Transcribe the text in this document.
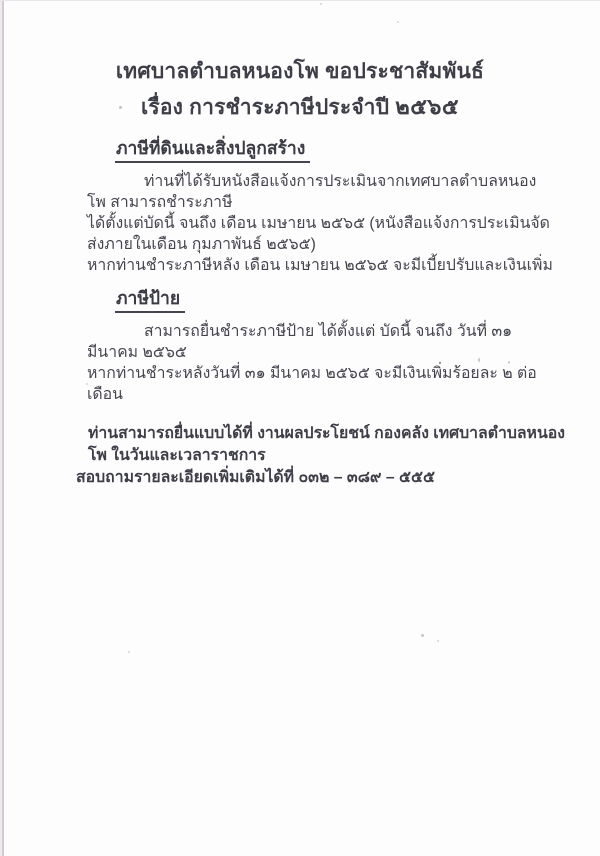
เทศบาลตำบลหนองโพ ขอประชาสัมพันธ์
เรื่อง การชำระภาษีประจำปี ๒๕๖๕
ภาษีที่ดินและสิ่งปลูกสร้าง

ท่านที่ได้รับหนังสือแจ้งการประเมินจากเทศบาลตำบลหนองโพ สามารถชำระภาษี

ได้ตั้งแต่บัดนี้ จนถึง เดือน เมษายน ๒๕๖๕ (หนังสือแจ้งการประเมินจัดส่งภายในเดือน กุมภาพันธ์ ๒๕๖๕)

หากท่านชำระภาษีหลัง เดือน เมษายน ๒๕๖๕ จะมีเบี้ยปรับและเงินเพิ่ม

ภาษีป้าย

สามารถยื่นชำระภาษีป้าย ได้ตั้งแต่ บัดนี้ จนถึง วันที่ ๓๑ มีนาคม ๒๕๖๕

หากท่านชำระหลังวันที่ ๓๑ มีนาคม ๒๕๖๕ จะมีเงินเพิ่มร้อยละ ๒ ต่อเดือน

ท่านสามารถยื่นแบบได้ที่ งานผลประโยชน์ กองคลัง เทศบาลตำบลหนองโพ ในวันและเวลาราชการ

สอบถามรายละเอียดเพิ่มเติมได้ที่ ๐๓๒ – ๓๘๙ – ๕๕๕
